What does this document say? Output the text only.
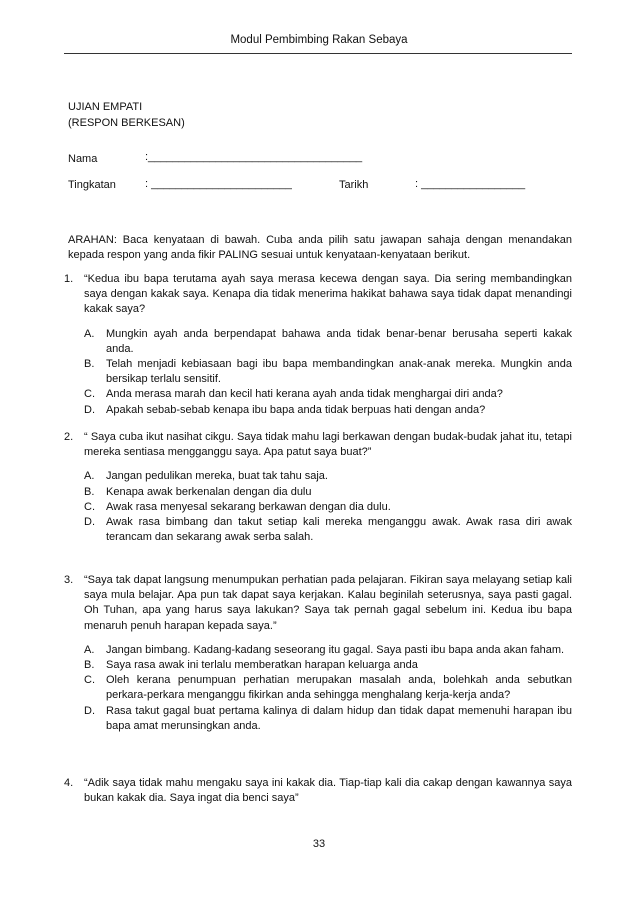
Modul Pembimbing Rakan Sebaya
UJIAN EMPATI
(RESPON BERKESAN)
Nama	:___________________________________
Tingkatan	: _______________________	Tarikh	: _________________
ARAHAN: Baca kenyataan di bawah. Cuba anda pilih satu jawapan sahaja dengan menandakan kepada respon yang anda fikir PALING sesuai untuk kenyataan-kenyataan berikut.
1. “Kedua ibu bapa terutama ayah saya merasa kecewa dengan saya. Dia sering membandingkan saya dengan kakak saya. Kenapa dia tidak menerima hakikat bahawa saya tidak dapat menandingi kakak saya?
A. Mungkin ayah anda berpendapat bahawa anda tidak benar-benar berusaha seperti kakak anda.
B. Telah menjadi kebiasaan bagi ibu bapa membandingkan anak-anak mereka. Mungkin anda bersikap terlalu sensitif.
C. Anda merasa marah dan kecil hati kerana ayah anda tidak menghargai diri anda?
D. Apakah sebab-sebab kenapa ibu bapa anda tidak berpuas hati dengan anda?
2. “ Saya cuba ikut nasihat cikgu. Saya tidak mahu lagi berkawan dengan budak-budak jahat itu, tetapi mereka sentiasa mengganggu saya. Apa patut saya buat?”
A. Jangan pedulikan mereka, buat tak tahu saja.
B. Kenapa awak berkenalan dengan dia dulu
C. Awak rasa menyesal sekarang berkawan dengan dia dulu.
D. Awak rasa bimbang dan takut setiap kali mereka menganggu awak. Awak rasa diri awak terancam dan sekarang awak serba salah.
3. “Saya tak dapat langsung menumpukan perhatian pada pelajaran. Fikiran saya melayang setiap kali saya mula belajar. Apa pun tak dapat saya kerjakan. Kalau beginilah seterusnya, saya pasti gagal. Oh Tuhan, apa yang harus saya lakukan? Saya tak pernah gagal sebelum ini. Kedua ibu bapa menaruh penuh harapan kepada saya.”
A. Jangan bimbang. Kadang-kadang seseorang itu gagal. Saya pasti ibu bapa anda akan faham.
B. Saya rasa awak ini terlalu memberatkan harapan keluarga anda
C. Oleh kerana penumpuan perhatian merupakan masalah anda, bolehkah anda sebutkan perkara-perkara menganggu fikirkan anda sehingga menghalang kerja-kerja anda?
D. Rasa takut gagal buat pertama kalinya di dalam hidup dan tidak dapat memenuhi harapan ibu bapa amat merunsingkan anda.
4. “Adik saya tidak mahu mengaku saya ini kakak dia. Tiap-tiap kali dia cakap dengan kawannya saya bukan kakak dia. Saya ingat dia benci saya”
33
